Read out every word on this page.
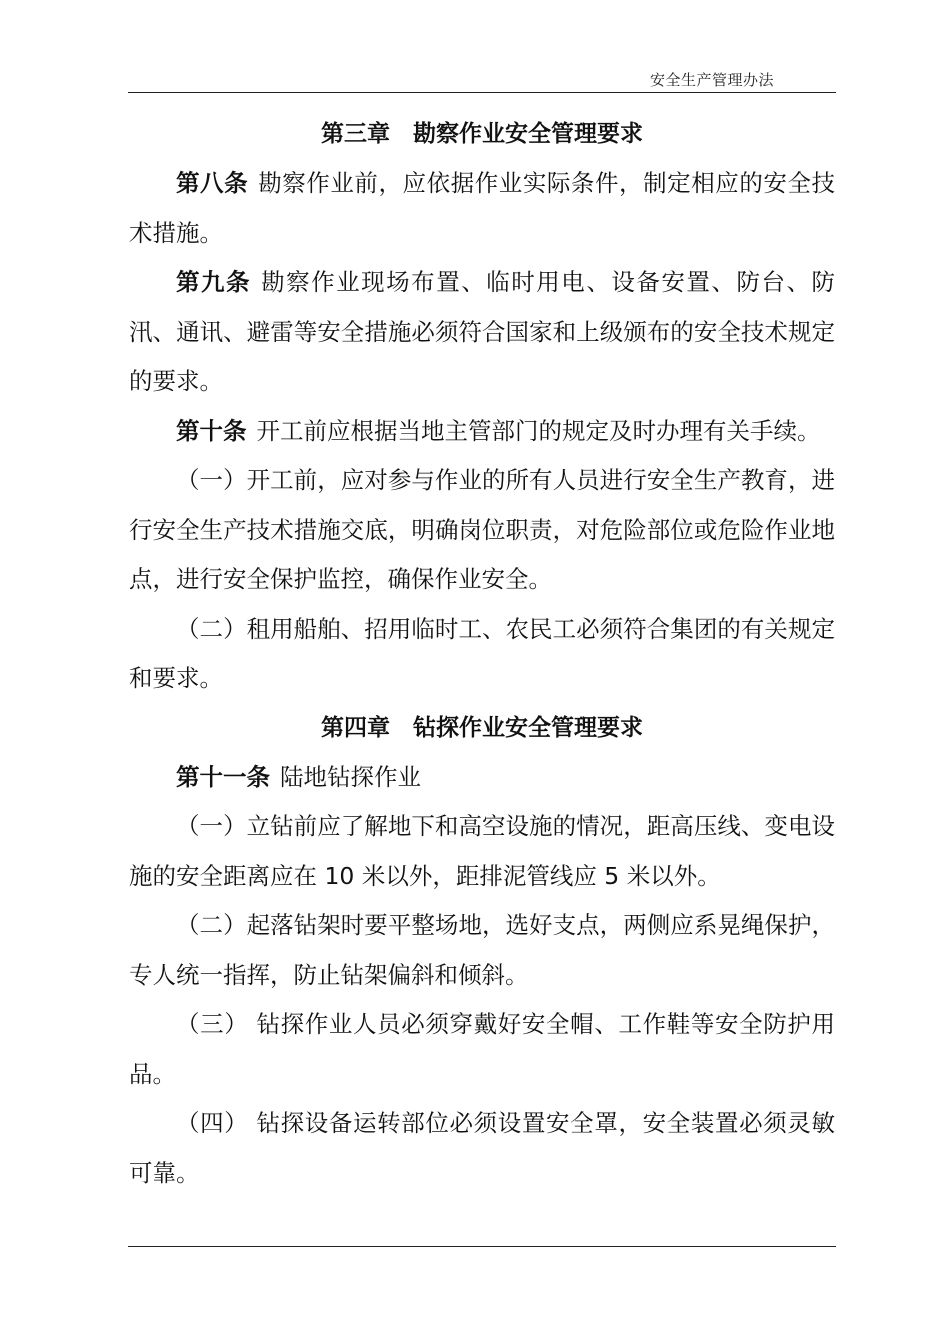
安全生产管理办法
第三章　勘察作业安全管理要求

第八条 勘察作业前，应依据作业实际条件，制定相应的安全技术措施。

第九条 勘察作业现场布置、临时用电、设备安置、防台、防汛、通讯、避雷等安全措施必须符合国家和上级颁布的安全技术规定的要求。

第十条 开工前应根据当地主管部门的规定及时办理有关手续。

（一）开工前，应对参与作业的所有人员进行安全生产教育，进行安全生产技术措施交底，明确岗位职责，对危险部位或危险作业地点，进行安全保护监控，确保作业安全。

（二）租用船舶、招用临时工、农民工必须符合集团的有关规定和要求。

第四章　钻探作业安全管理要求

第十一条 陆地钻探作业

（一）立钻前应了解地下和高空设施的情况，距高压线、变电设施的安全距离应在 10 米以外，距排泥管线应 5 米以外。

（二）起落钻架时要平整场地，选好支点，两侧应系晃绳保护，专人统一指挥，防止钻架偏斜和倾斜。

（三） 钻探作业人员必须穿戴好安全帽、工作鞋等安全防护用品。

（四） 钻探设备运转部位必须设置安全罩，安全装置必须灵敏可靠。
